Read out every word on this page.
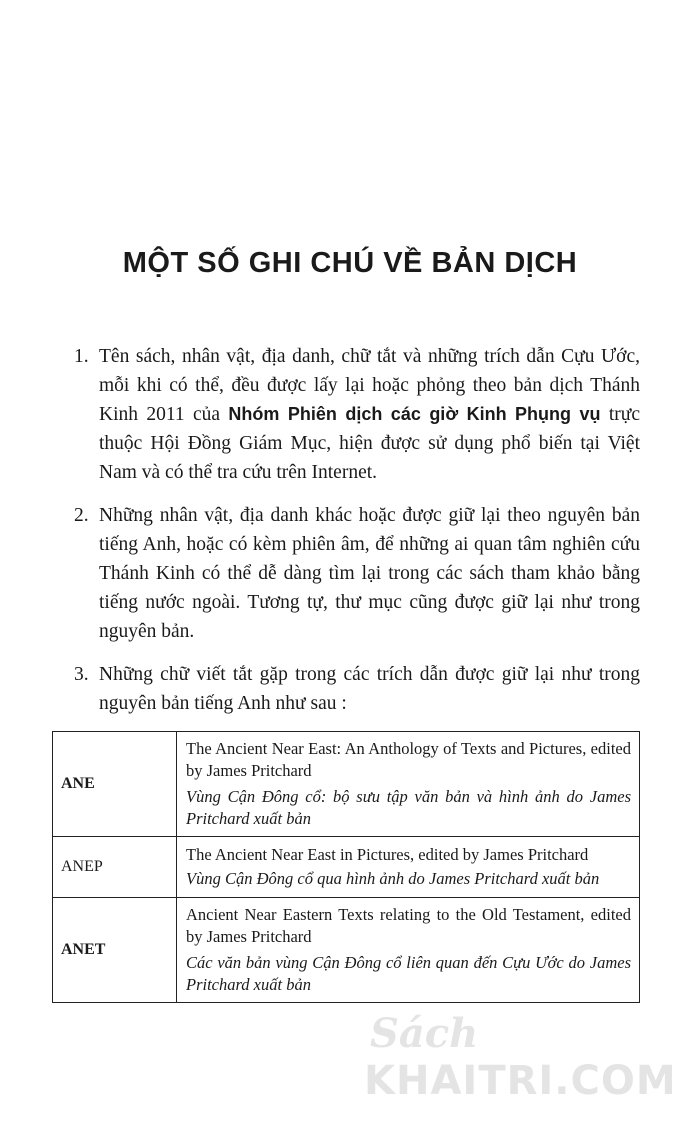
MỘT SỐ GHI CHÚ VỀ BẢN DỊCH
1. Tên sách, nhân vật, địa danh, chữ tắt và những trích dẫn Cựu Ước, mỗi khi có thể, đều được lấy lại hoặc phỏng theo bản dịch Thánh Kinh 2011 của Nhóm Phiên dịch các giờ Kinh Phụng vụ trực thuộc Hội Đồng Giám Mục, hiện được sử dụng phổ biến tại Việt Nam và có thể tra cứu trên Internet.
2. Những nhân vật, địa danh khác hoặc được giữ lại theo nguyên bản tiếng Anh, hoặc có kèm phiên âm, để những ai quan tâm nghiên cứu Thánh Kinh có thể dễ dàng tìm lại trong các sách tham khảo bằng tiếng nước ngoài. Tương tự, thư mục cũng được giữ lại như trong nguyên bản.
3. Những chữ viết tắt gặp trong các trích dẫn được giữ lại như trong nguyên bản tiếng Anh như sau :
ANE	The Ancient Near East: An Anthology of Texts and Pictures, edited by James Pritchard
Vùng Cận Đông cổ: bộ sưu tập văn bản và hình ảnh do James Pritchard xuất bản

ANEP	The Ancient Near East in Pictures, edited by James Pritchard
Vùng Cận Đông cổ qua hình ảnh do James Pritchard xuất bản

ANET	Ancient Near Eastern Texts relating to the Old Testament, edited by James Pritchard
Các văn bản vùng Cận Đông cổ liên quan đến Cựu Ước do James Pritchard xuất bản
Sách
KHAITRI.COM
